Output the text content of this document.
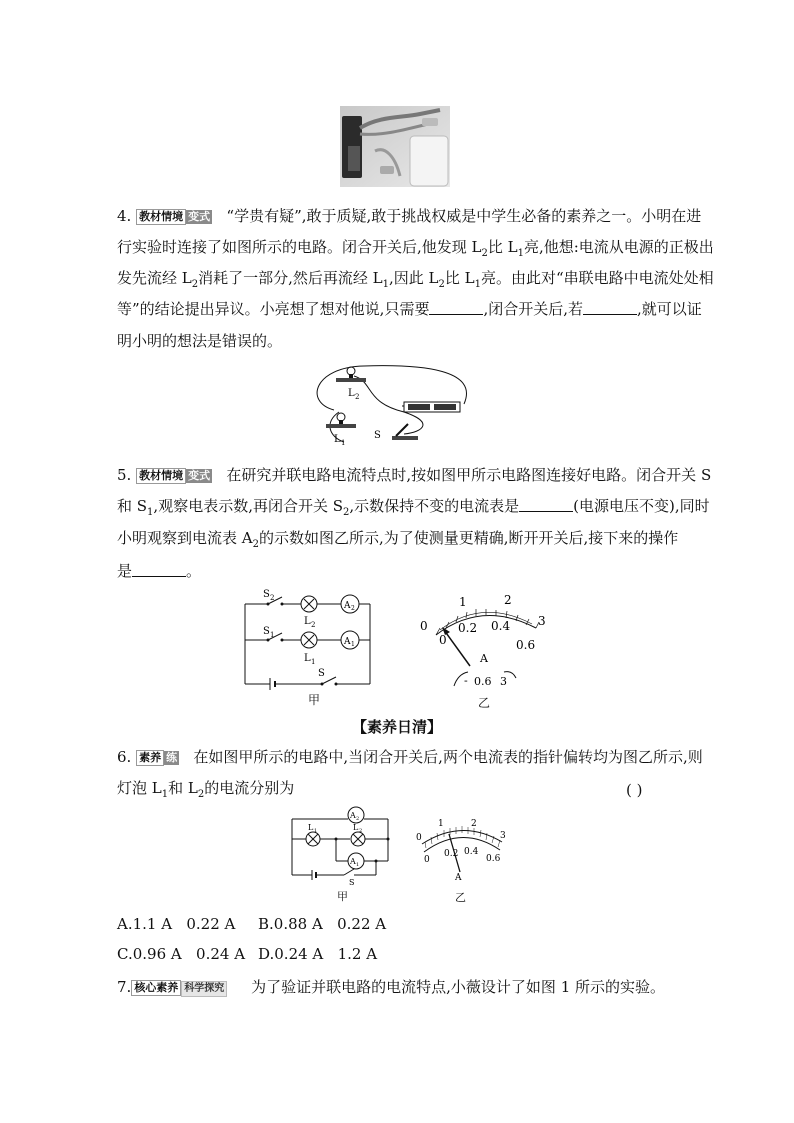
4. 教材情境 变式 “学贵有疑”,敢于质疑,敢于挑战权威是中学生必备的素养之一。小明在进
行实验时连接了如图所示的电路。闭合开关后,他发现 $L_2$比 $L_1$亮,他想:电流从电源的正极出
发先流经 $L_2$消耗了一部分,然后再流经 $L_1$,因此 $L_2$比 $L_1$亮。由此对“串联电路中电流处处相
等”的结论提出异议。小亮想了想对他说,只需要	,闭合开关后,若	,就可以证
明小明的想法是错误的。
L 2
L 1
S
5. 教材情境 变式 在研究并联电路电流特点时,按如图甲所示电路图连接好电路。闭合开关 S
和 $S_1$,观察电表示数,再闭合开关 $S_2$,示数保持不变的电流表是	(电源电压不变),同时
小明观察到电流表 $A_2$的示数如图乙所示,为了使测量更精确,断开开关后,接下来的操作
是	。
S 2
S 1
L 2
L 1
S
A 2
A 1
甲
0
1	2
3
0
0.2 0.4
0.6
A
- 0.6 3
乙
【素养日清】
6. 素养 练 在如图甲所示的电路中,当闭合开关后,两个电流表的指针偏转均为图乙所示,则
灯泡 $L_1$和 $L_2$的电流分别为	( )
A 2
A 1
L 1	L 2
S
甲
0
1	2
3
0
0.2 0.4
0.6
A
乙
A.1.1 A   0.22 A B.0.88 A   0.22 A
C.0.96 A   0.24 A D.0.24 A   1.2 A
7. 核心素养 科学探究 为了验证并联电路的电流特点,小薇设计了如图 1 所示的实验。
